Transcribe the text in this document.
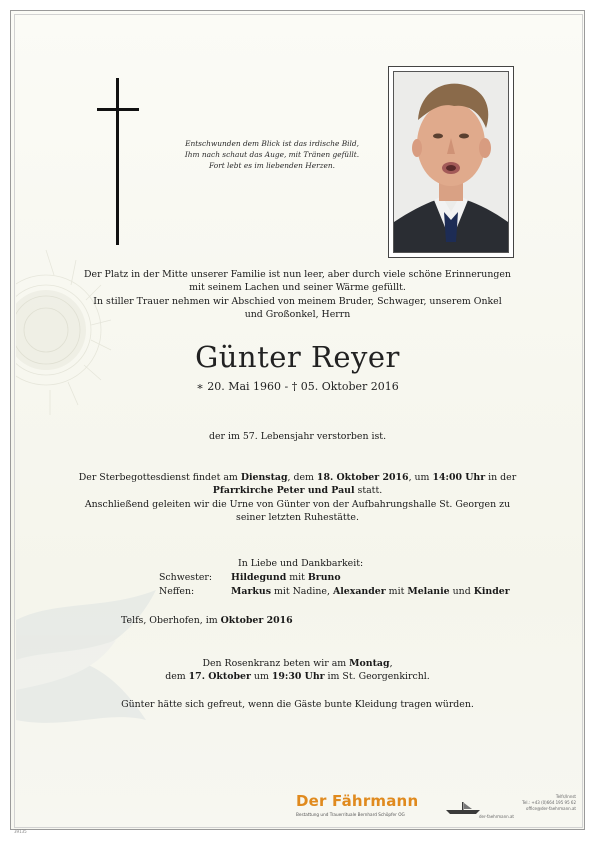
Entschwunden dem Blick ist das irdische Bild,
Ihm nach schaut das Auge, mit Tränen gefüllt.
Fort lebt es im liebenden Herzen.
Der Platz in der Mitte unserer Familie ist nun leer, aber durch viele schöne Erinnerungen
mit seinem Lachen und seiner Wärme gefüllt.
In stiller Trauer nehmen wir Abschied von meinem Bruder, Schwager, unserem Onkel
und Großonkel, Herrn
Günter Reyer
∗ 20. Mai 1960 - † 05. Oktober 2016
der im 57. Lebensjahr verstorben ist.
Der Sterbegottesdienst findet am Dienstag, dem 18. Oktober 2016, um 14:00 Uhr in der
Pfarrkirche Peter und Paul statt.
Anschließend geleiten wir die Urne von Günter von der Aufbahrungshalle St. Georgen zu
seiner letzten Ruhestätte.
In Liebe und Dankbarkeit:
Schwester: Hildegund mit Bruno
Neffen:	Markus mit Nadine, Alexander mit Melanie und Kinder
Telfs, Oberhofen, im Oktober 2016
Den Rosenkranz beten wir am Montag,
dem 17. Oktober um 19:30 Uhr im St. Georgenkirchl.
Günter hätte sich gefreut, wenn die Gäste bunte Kleidung tragen würden.
Der Fährmann
Bestattung und Trauerrituale Bernhard Schöpfer OG
Telfs/Innst
Tel.: +43 (0)664 195 95 62
office@der-faehrmann.at
der-faehrmann.at
39135
